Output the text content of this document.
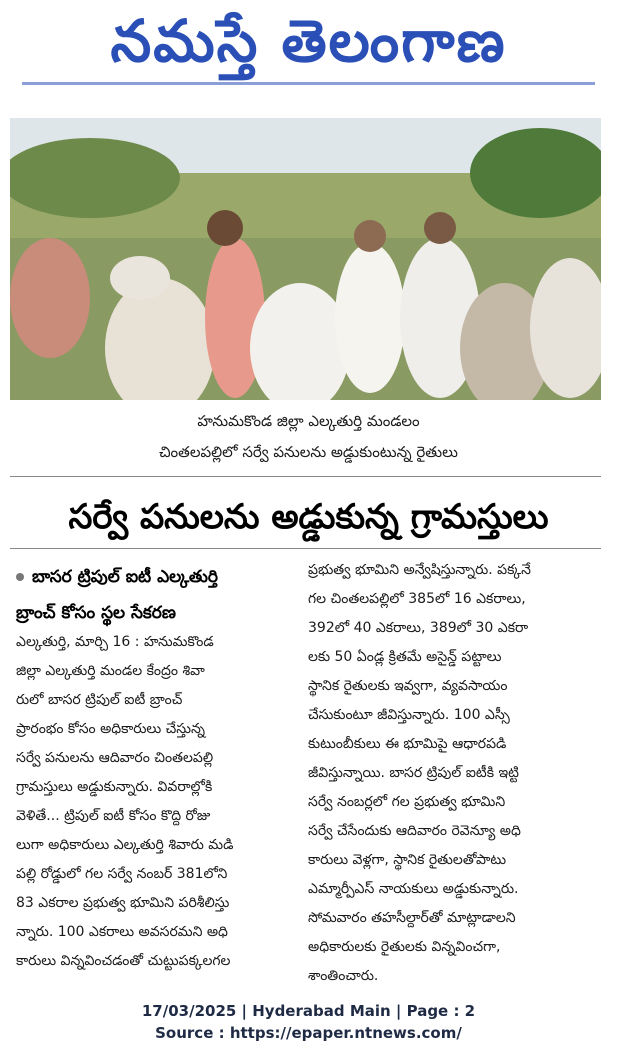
నమస్తే తెలంగాణ
హనుమకొండ జిల్లా ఎల్కతుర్తి మండలం
చింతలపల్లిలో సర్వే పనులను అడ్డుకుంటున్న రైతులు
సర్వే పనులను అడ్డుకున్న గ్రామస్తులు
బాసర ట్రిపుల్ ఐటీ ఎల్కతుర్తి
బ్రాంచ్ కోసం స్థల సేకరణ
ఎల్కతుర్తి, మార్చి 16 : హనుమకొండ
జిల్లా ఎల్కతుర్తి మండల కేంద్రం శివా
రులో బాసర ట్రిపుల్ ఐటీ బ్రాంచ్
ప్రారంభం కోసం అధికారులు చేస్తున్న
సర్వే పనులను ఆదివారం చింతలపల్లి
గ్రామస్తులు అడ్డుకున్నారు. వివరాల్లోకి
వెళితే... ట్రిపుల్ ఐటీ కోసం కొద్ది రోజు
లుగా అధికారులు ఎల్కతుర్తి శివారు మడి
పల్లి రోడ్డులో గల సర్వే నంబర్ 381లోని
83 ఎకరాల ప్రభుత్వ భూమిని పరిశీలిస్తు
న్నారు. 100 ఎకరాలు అవసరమని అధి
కారులు విన్నవించడంతో చుట్టుపక్కలగల
ప్రభుత్వ భూమిని అన్వేషిస్తున్నారు. పక్కనే
గల చింతలపల్లిలో 385లో 16 ఎకరాలు,
392లో 40 ఎకరాలు, 389లో 30 ఎకరా
లకు 50 ఏండ్ల క్రితమే అసైన్డ్ పట్టాలు
స్థానిక రైతులకు ఇవ్వగా, వ్యవసాయం
చేసుకుంటూ జీవిస్తున్నారు. 100 ఎస్సీ
కుటుంబీకులు ఈ భూమిపై ఆధారపడి
జీవిస్తున్నాయి. బాసర ట్రిపుల్ ఐటీకి ఇట్టి
సర్వే నంబర్లలో గల ప్రభుత్వ భూమిని
సర్వే చేసేందుకు ఆదివారం రెవెన్యూ అధి
కారులు వెళ్లగా, స్థానిక రైతులతోపాటు
ఎమ్మార్పీఎస్ నాయకులు అడ్డుకున్నారు.
సోమవారం తహసీల్దార్‌తో మాట్లాడాలని
అధికారులకు రైతులకు విన్నవించగా,
శాంతించారు.
17/03/2025 | Hyderabad Main | Page : 2
Source : https://epaper.ntnews.com/
